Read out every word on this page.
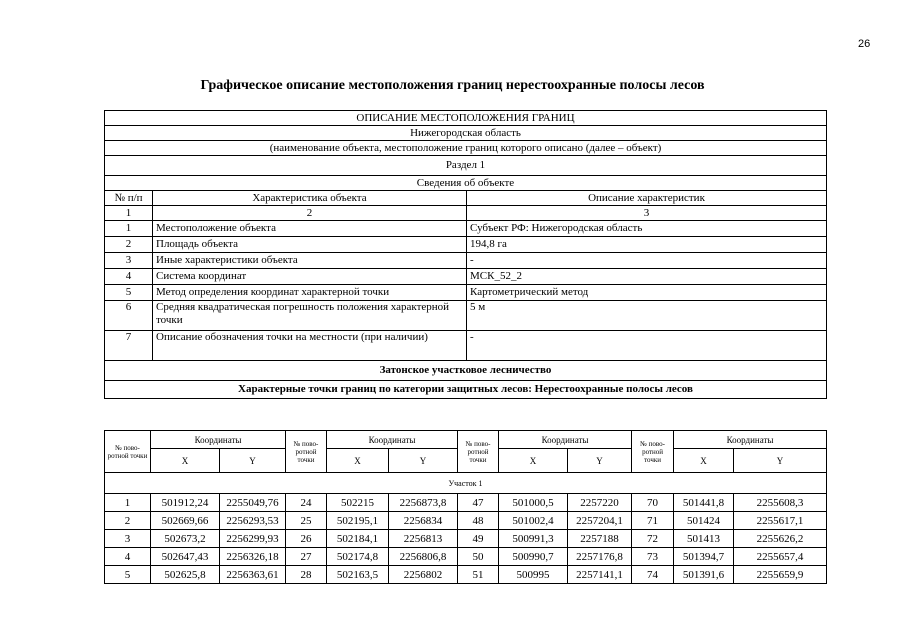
26
Графическое описание местоположения границ нерестоохранные полосы лесов
ОПИСАНИЕ МЕСТОПОЛОЖЕНИЯ ГРАНИЦ		
Нижегородская область		
(наименование объекта, местоположение границ которого описано (далее – объект)		
Раздел 1		
Сведения об объекте		
№ п/п	Характеристика объекта	Описание характеристик
1	2	3
1	Местоположение объекта	Субъект РФ: Нижегородская область
2	Площадь объекта	194,8 га
3	Иные характеристики объекта	-
4	Система координат	МСК_52_2
5	Метод определения координат характерной точки	Картометрический метод
6	Средняя квадратическая погрешность положения характерной точки	5 м
7	Описание обозначения точки на местности (при наличии)	-
Затонское участковое лесничество		
Характерные точки границ по категории защитных лесов: Нерестоохранные полосы лесов		
№ пово-ротной точки	Координаты		№ пово-ротной точки	Координаты		№ пово-ротной точки	Координаты		№ пово-ротной точки	Координаты	
	X	Y		X	Y		X	Y		X	Y
Участок 1											
1	501912,24	2255049,76	24	502215	2256873,8	47	501000,5	2257220	70	501441,8	2255608,3
2	502669,66	2256293,53	25	502195,1	2256834	48	501002,4	2257204,1	71	501424	2255617,1
3	502673,2	2256299,93	26	502184,1	2256813	49	500991,3	2257188	72	501413	2255626,2
4	502647,43	2256326,18	27	502174,8	2256806,8	50	500990,7	2257176,8	73	501394,7	2255657,4
5	502625,8	2256363,61	28	502163,5	2256802	51	500995	2257141,1	74	501391,6	2255659,9
